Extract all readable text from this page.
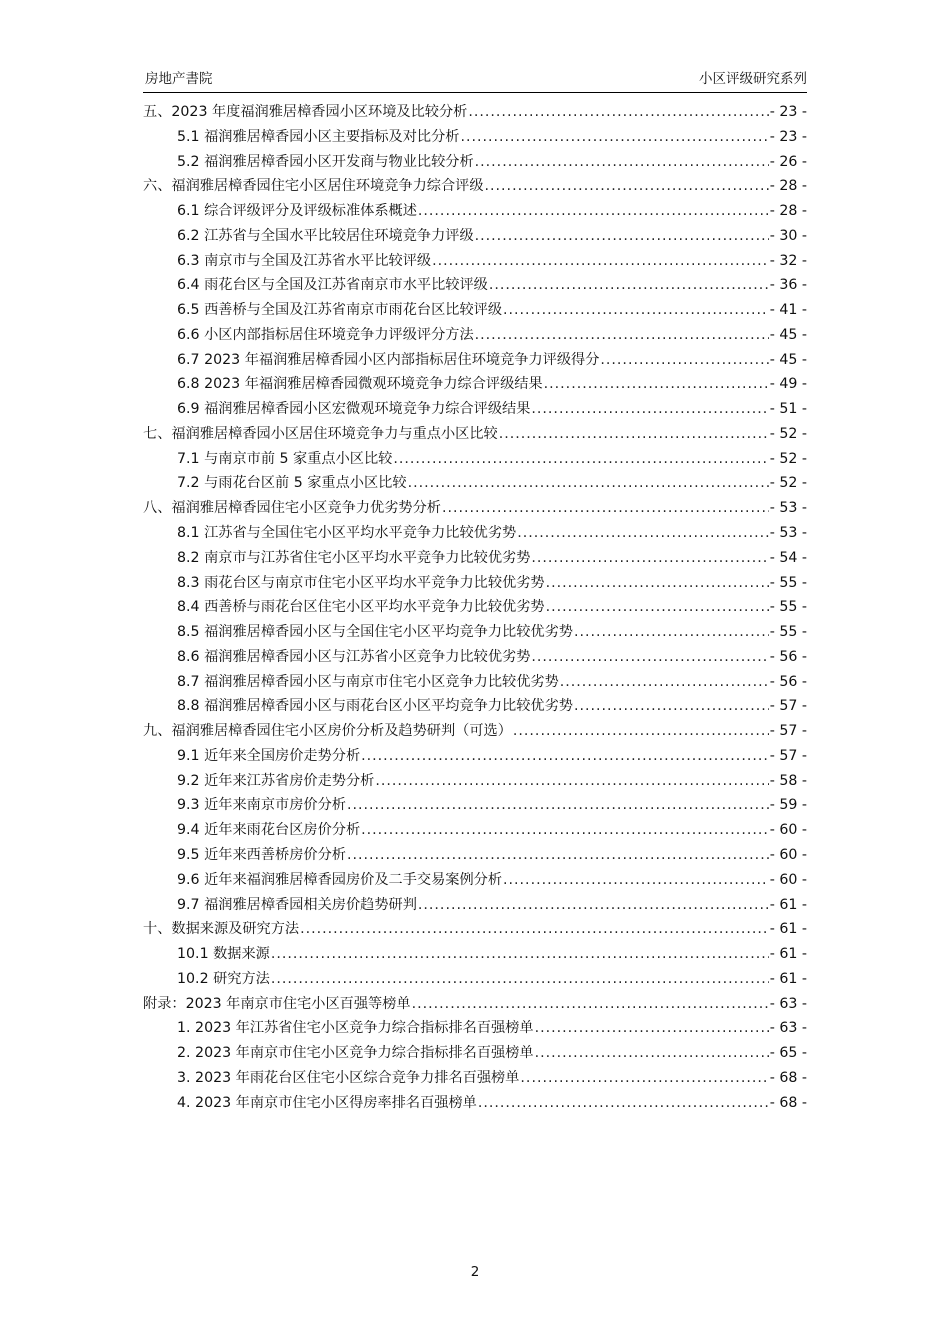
房地产書院	小区评级研究系列
五、2023 年度福润雅居樟香园小区环境及比较分析 .....	- 23 -
5.1 福润雅居樟香园小区主要指标及对比分析 .....	- 23 -
5.2 福润雅居樟香园小区开发商与物业比较分析 .....	- 26 -
六、福润雅居樟香园住宅小区居住环境竞争力综合评级 .....	- 28 -
6.1 综合评级评分及评级标准体系概述 .....	- 28 -
6.2 江苏省与全国水平比较居住环境竞争力评级 .....	- 30 -
6.3 南京市与全国及江苏省水平比较评级 .....	- 32 -
6.4 雨花台区与全国及江苏省南京市水平比较评级 .....	- 36 -
6.5 西善桥与全国及江苏省南京市雨花台区比较评级 .....	- 41 -
6.6 小区内部指标居住环境竞争力评级评分方法 .....	- 45 -
6.7 2023 年福润雅居樟香园小区内部指标居住环境竞争力评级得分 .....	- 45 -
6.8 2023 年福润雅居樟香园微观环境竞争力综合评级结果 .....	- 49 -
6.9 福润雅居樟香园小区宏微观环境竞争力综合评级结果 .....	- 51 -
七、福润雅居樟香园小区居住环境竞争力与重点小区比较 .....	- 52 -
7.1 与南京市前 5 家重点小区比较 .....	- 52 -
7.2 与雨花台区前 5 家重点小区比较 .....	- 52 -
八、福润雅居樟香园住宅小区竞争力优劣势分析 .....	- 53 -
8.1 江苏省与全国住宅小区平均水平竞争力比较优劣势 .....	- 53 -
8.2 南京市与江苏省住宅小区平均水平竞争力比较优劣势 .....	- 54 -
8.3 雨花台区与南京市住宅小区平均水平竞争力比较优劣势 .....	- 55 -
8.4 西善桥与雨花台区住宅小区平均水平竞争力比较优劣势 .....	- 55 -
8.5 福润雅居樟香园小区与全国住宅小区平均竞争力比较优劣势 .....	- 55 -
8.6 福润雅居樟香园小区与江苏省小区竞争力比较优劣势 .....	- 56 -
8.7 福润雅居樟香园小区与南京市住宅小区竞争力比较优劣势 .....	- 56 -
8.8 福润雅居樟香园小区与雨花台区小区平均竞争力比较优劣势 .....	- 57 -
九、福润雅居樟香园住宅小区房价分析及趋势研判（可选） .....	- 57 -
9.1 近年来全国房价走势分析 .....	- 57 -
9.2 近年来江苏省房价走势分析 .....	- 58 -
9.3 近年来南京市房价分析 .....	- 59 -
9.4 近年来雨花台区房价分析 .....	- 60 -
9.5 近年来西善桥房价分析 .....	- 60 -
9.6 近年来福润雅居樟香园房价及二手交易案例分析 .....	- 60 -
9.7 福润雅居樟香园相关房价趋势研判 .....	- 61 -
十、数据来源及研究方法 .....	- 61 -
10.1 数据来源 .....	- 61 -
10.2 研究方法 .....	- 61 -
附录：2023 年南京市住宅小区百强等榜单 .....	- 63 -
1. 2023 年江苏省住宅小区竞争力综合指标排名百强榜单 .....	- 63 -
2. 2023 年南京市住宅小区竞争力综合指标排名百强榜单 .....	- 65 -
3. 2023 年雨花台区住宅小区综合竞争力排名百强榜单 .....	- 68 -
4. 2023 年南京市住宅小区得房率排名百强榜单 .....	- 68 -
2
